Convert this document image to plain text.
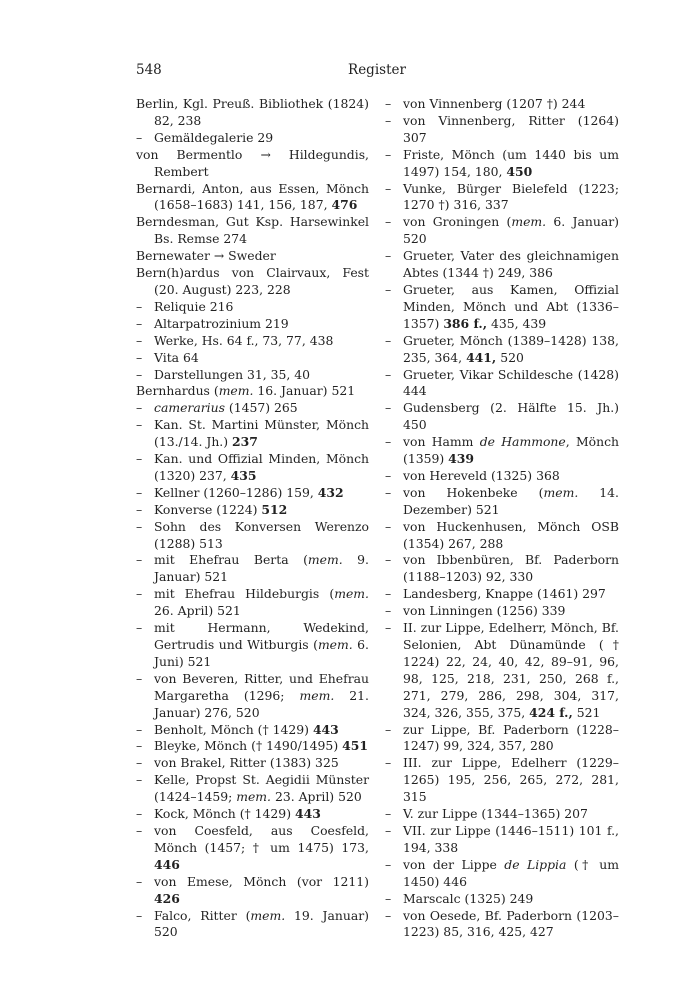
548	Register
Berlin, Kgl. Preuß. Bibliothek (1824) 82, 238
– Gemäldegalerie 29
von Bermentlo → Hildegundis, Rembert
Bernardi, Anton, aus Essen, Mönch (1658–1683) 141, 156, 187, 476
Berndesman, Gut Ksp. Harsewinkel Bs. Remse 274
Bernewater → Sweder
Bern(h)ardus von Clairvaux, Fest (20. August) 223, 228
– Reliquie 216
– Altarpatrozinium 219
– Werke, Hs. 64 f., 73, 77, 438
– Vita 64
– Darstellungen 31, 35, 40
Bernhardus (mem. 16. Januar) 521
– camerarius (1457) 265
– Kan. St. Martini Münster, Mönch (13./14. Jh.) 237
– Kan. und Offizial Minden, Mönch (1320) 237, 435
– Kellner (1260–1286) 159, 432
– Konverse (1224) 512
– Sohn des Konversen Werenzo (1288) 513
– mit Ehefrau Berta (mem. 9. Januar) 521
– mit Ehefrau Hildeburgis (mem. 26. April) 521
– mit Hermann, Wedekind, Gertrudis und Witburgis (mem. 6. Juni) 521
– von Beveren, Ritter, und Ehefrau Margaretha (1296; mem. 21. Januar) 276, 520
– Benholt, Mönch († 1429) 443
– Bleyke, Mönch († 1490/1495) 451
– von Brakel, Ritter (1383) 325
– Kelle, Propst St. Aegidii Münster (1424–1459; mem. 23. April) 520
– Kock, Mönch († 1429) 443
– von Coesfeld, aus Coesfeld, Mönch (1457; † um 1475) 173, 446
– von Emese, Mönch (vor 1211) 426
– Falco, Ritter (mem. 19. Januar) 520
– von Vinnenberg (1207 †) 244
– von Vinnenberg, Ritter (1264) 307
– Friste, Mönch (um 1440 bis um 1497) 154, 180, 450
– Vunke, Bürger Bielefeld (1223; 1270 †) 316, 337
– von Groningen (mem. 6. Januar) 520
– Grueter, Vater des gleichnamigen Abtes (1344 †) 249, 386
– Grueter, aus Kamen, Offizial Minden, Mönch und Abt (1336–1357) 386 f., 435, 439
– Grueter, Mönch (1389–1428) 138, 235, 364, 441, 520
– Grueter, Vikar Schildesche (1428) 444
– Gudensberg (2. Hälfte 15. Jh.) 450
– von Hamm de Hammone, Mönch (1359) 439
– von Hereveld (1325) 368
– von Hokenbeke (mem. 14. Dezember) 521
– von Huckenhusen, Mönch OSB (1354) 267, 288
– von Ibbenbüren, Bf. Paderborn (1188–1203) 92, 330
– Landesberg, Knappe (1461) 297
– von Linningen (1256) 339
– II. zur Lippe, Edelherr, Mönch, Bf. Selonien, Abt Dünamünde († 1224) 22, 24, 40, 42, 89–91, 96, 98, 125, 218, 231, 250, 268 f., 271, 279, 286, 298, 304, 317, 324, 326, 355, 375, 424 f., 521
– zur Lippe, Bf. Paderborn (1228–1247) 99, 324, 357, 280
– III. zur Lippe, Edelherr (1229–1265) 195, 256, 265, 272, 281, 315
– V. zur Lippe (1344–1365) 207
– VII. zur Lippe (1446–1511) 101 f., 194, 338
– von der Lippe de Lippia († um 1450) 446
– Marscalc (1325) 249
– von Oesede, Bf. Paderborn (1203–1223) 85, 316, 425, 427
